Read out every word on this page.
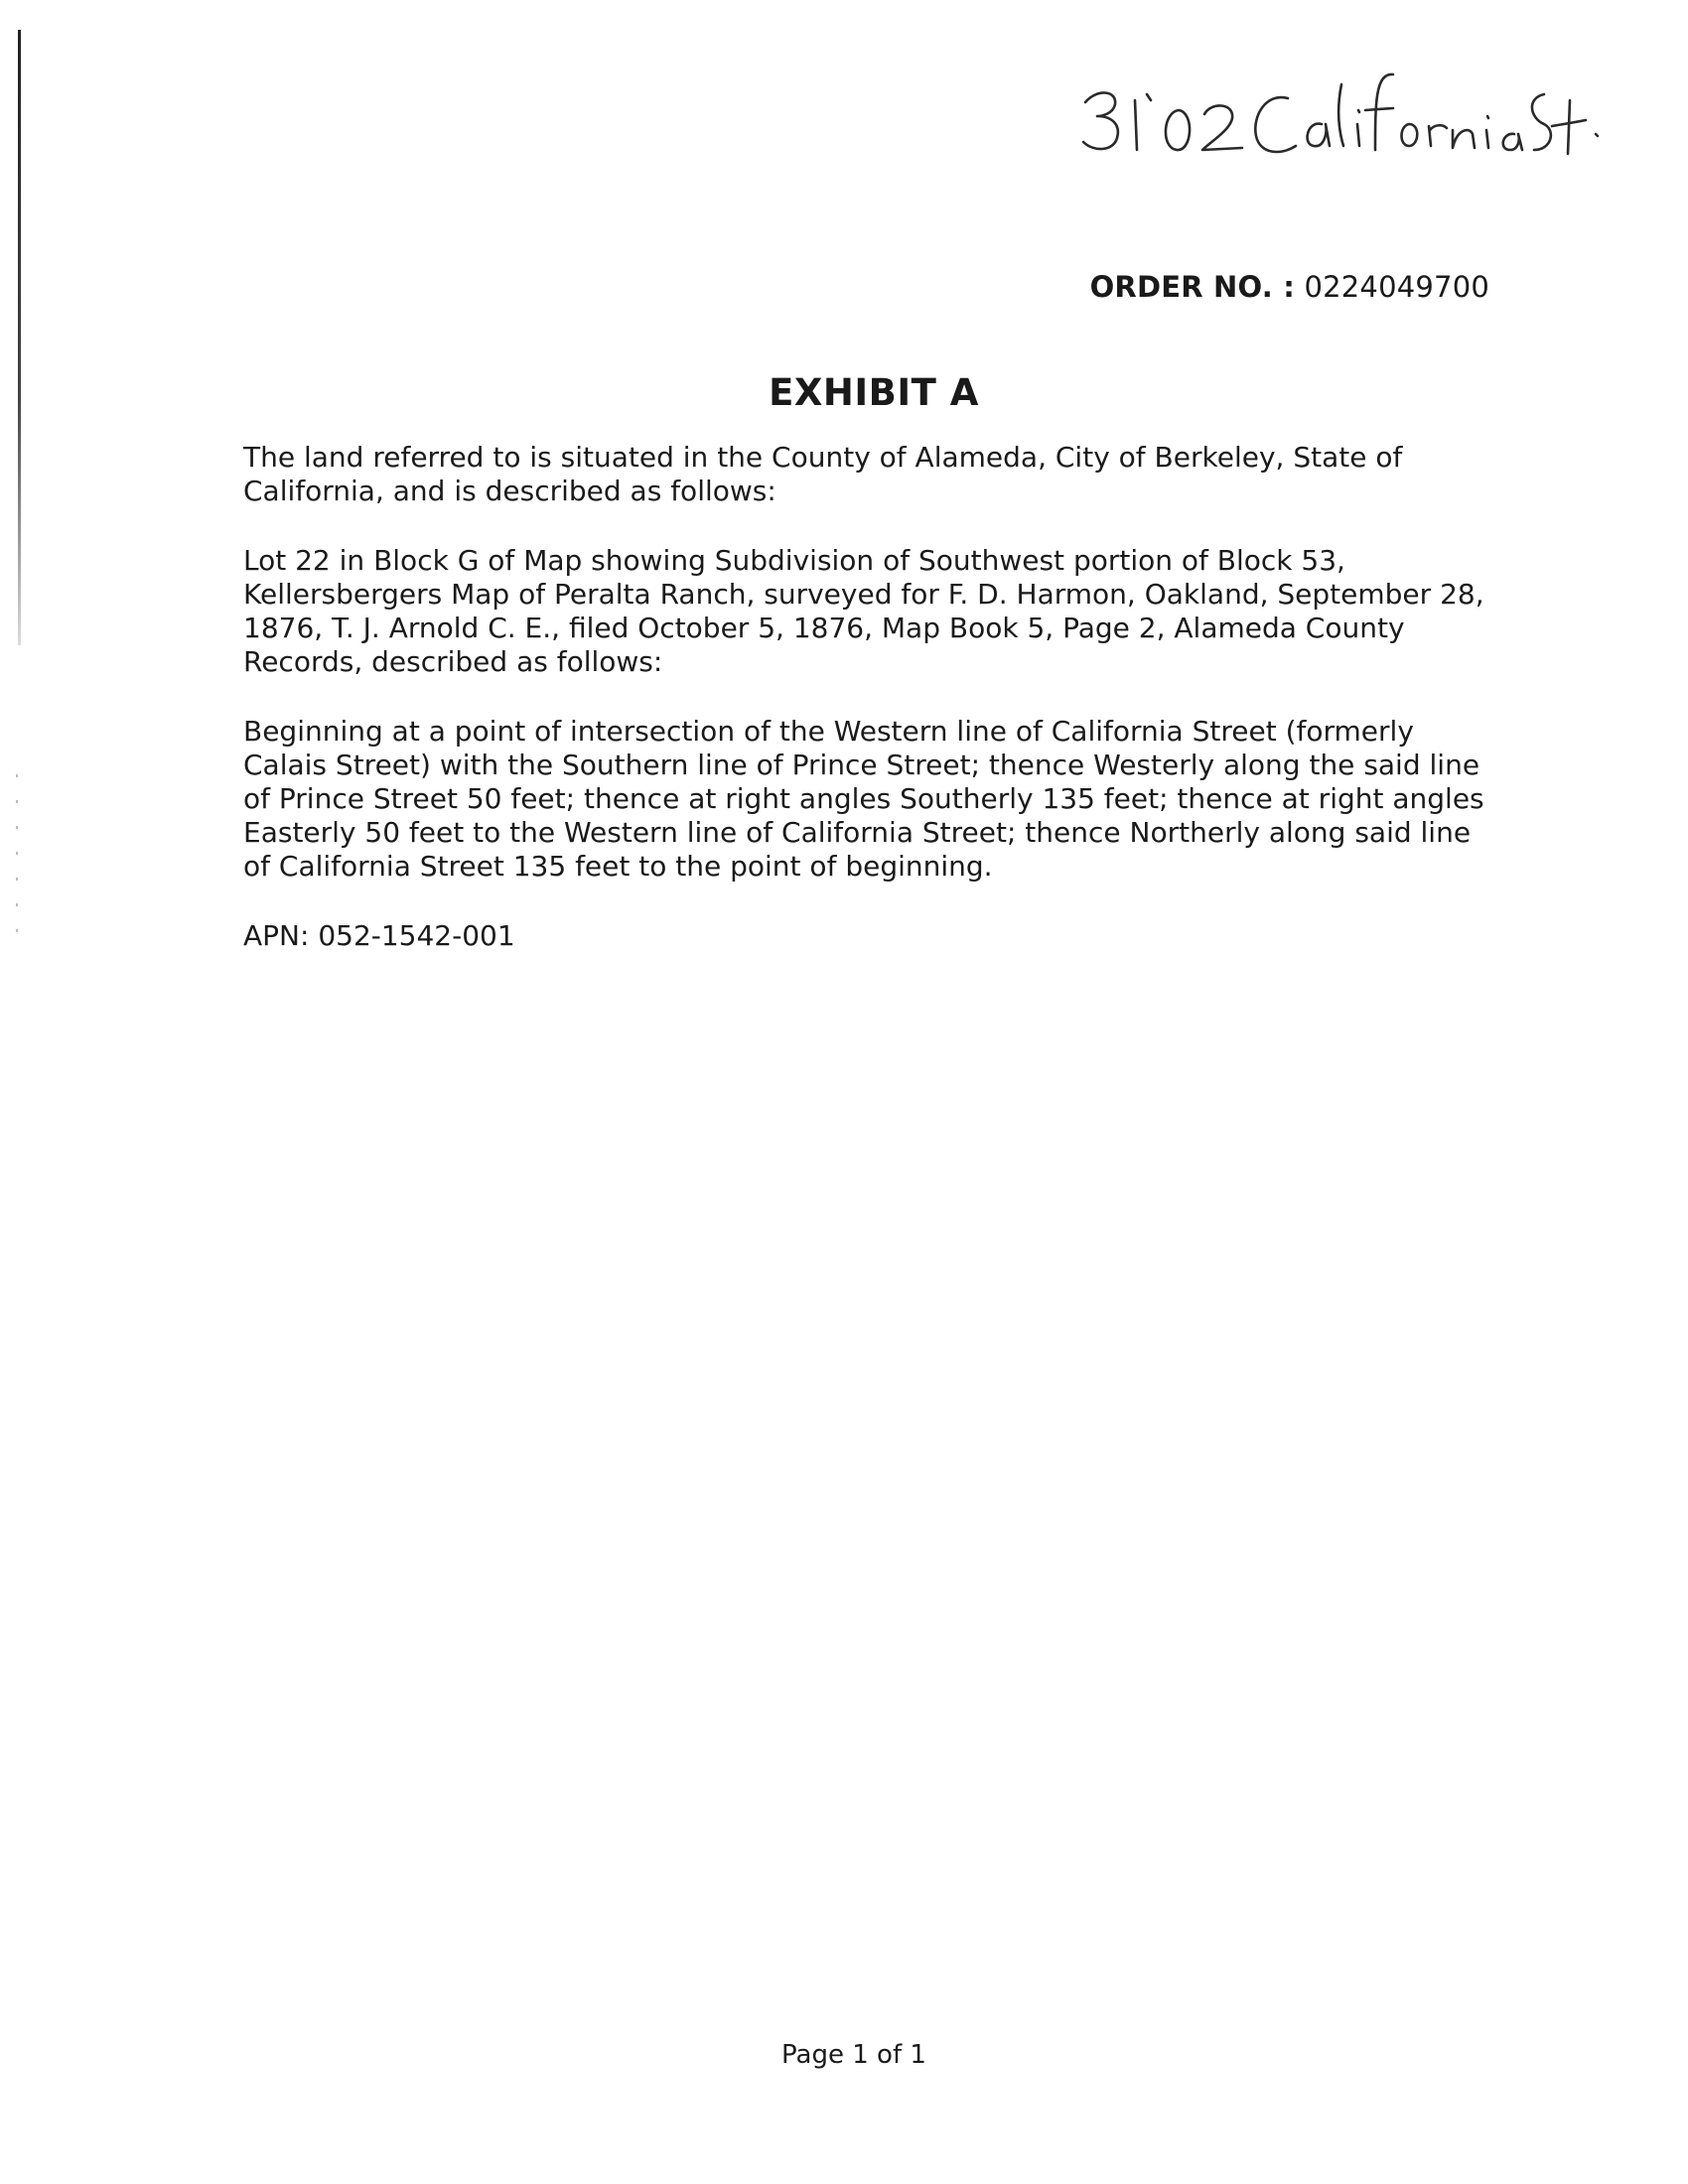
ORDER NO. : 0224049700
EXHIBIT A

The land referred to is situated in the County of Alameda, City of Berkeley, State of California, and is described as follows:

Lot 22 in Block G of Map showing Subdivision of Southwest portion of Block 53, Kellersbergers Map of Peralta Ranch, surveyed for F. D. Harmon, Oakland, September 28, 1876, T. J. Arnold C. E., filed October 5, 1876, Map Book 5, Page 2, Alameda County Records, described as follows:

Beginning at a point of intersection of the Western line of California Street (formerly Calais Street) with the Southern line of Prince Street; thence Westerly along the said line of Prince Street 50 feet; thence at right angles Southerly 135 feet; thence at right angles Easterly 50 feet to the Western line of California Street; thence Northerly along said line of California Street 135 feet to the point of beginning.

APN: 052-1542-001

Page 1 of 1
